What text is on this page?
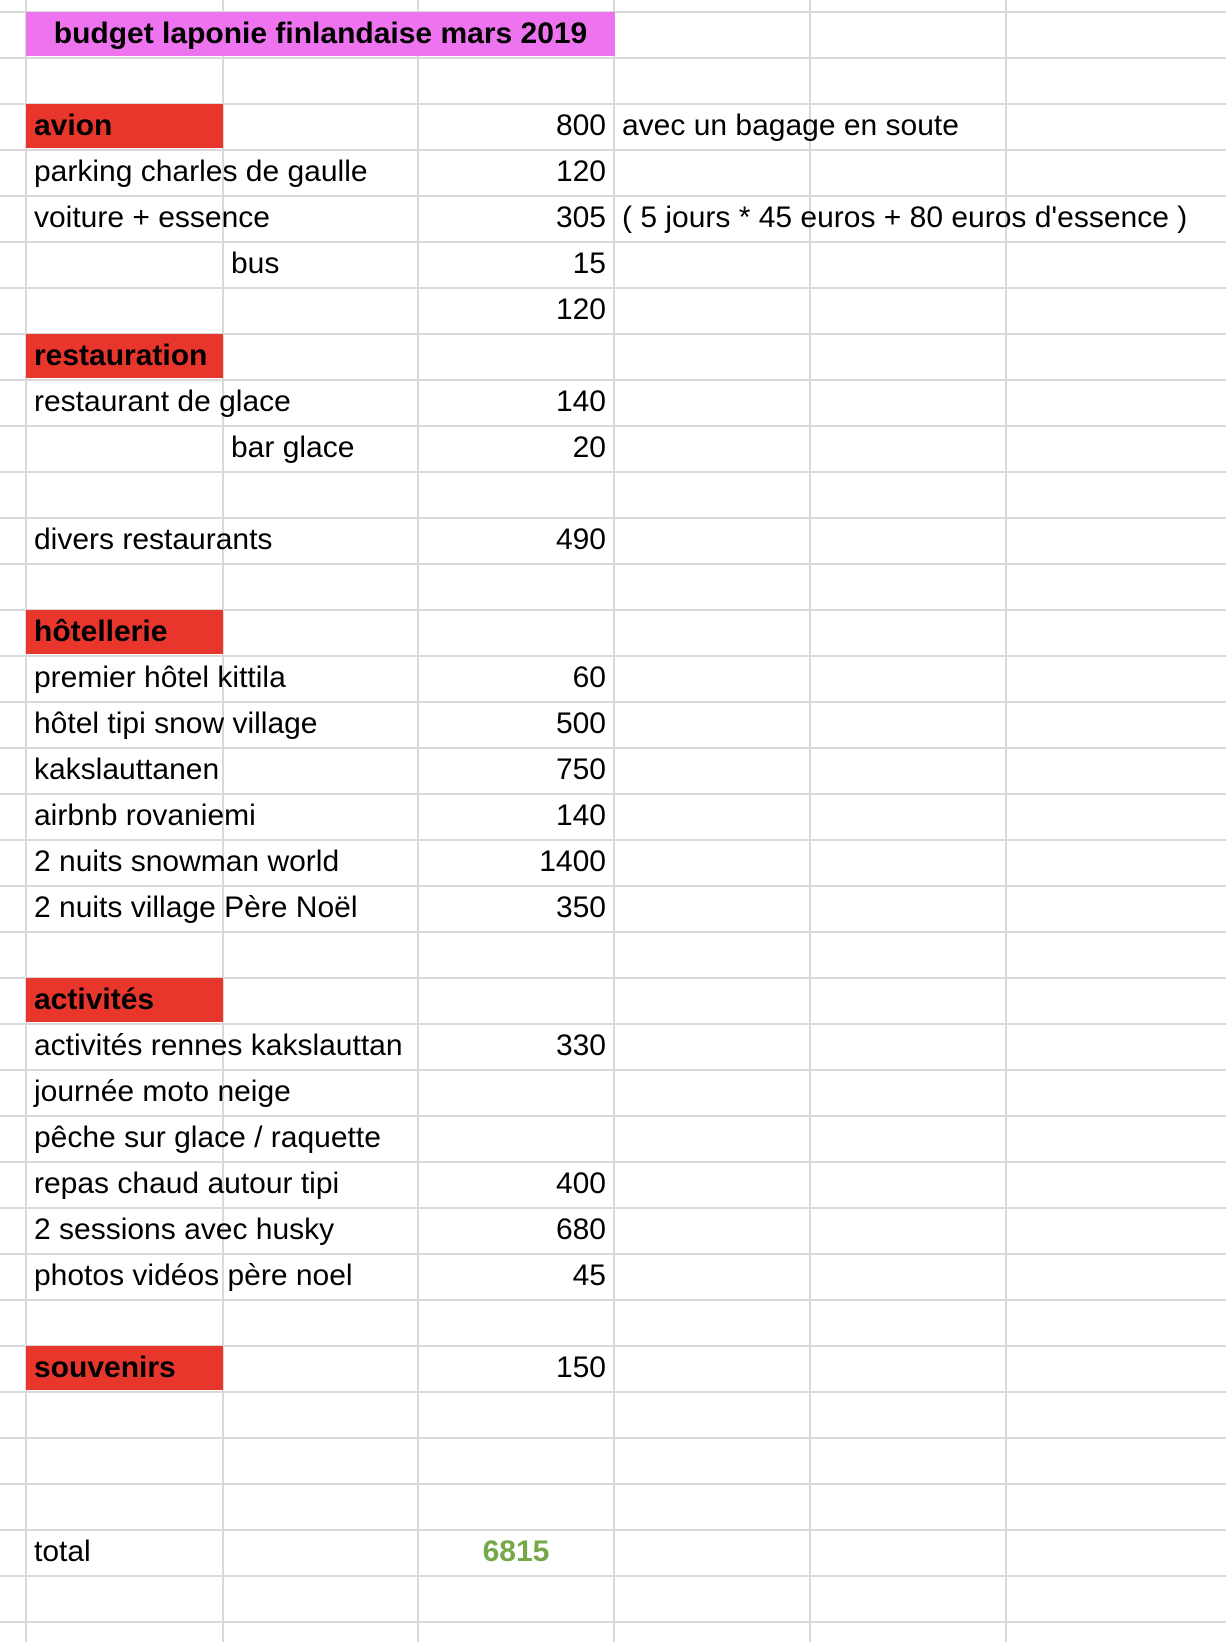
budget laponie finlandaise mars 2019
avion	800 avec un bagage en soute
parking charles de gaulle	120
voiture + essence	305 ( 5 jours * 45 euros + 80 euros d'essence )
bus	15
120
restauration
restaurant de glace	140
bar glace	20
divers restaurants	490
hôtellerie
premier hôtel kittila	60
hôtel tipi snow village	500
kakslauttanen	750
airbnb rovaniemi	140
2 nuits snowman world	1400
2 nuits village Père Noël	350
activités
activités rennes kakslauttan	330
journée moto neige
pêche sur glace / raquette
repas chaud autour tipi	400
2 sessions avec husky	680
photos vidéos père noel	45
souvenirs	150
total	6815
